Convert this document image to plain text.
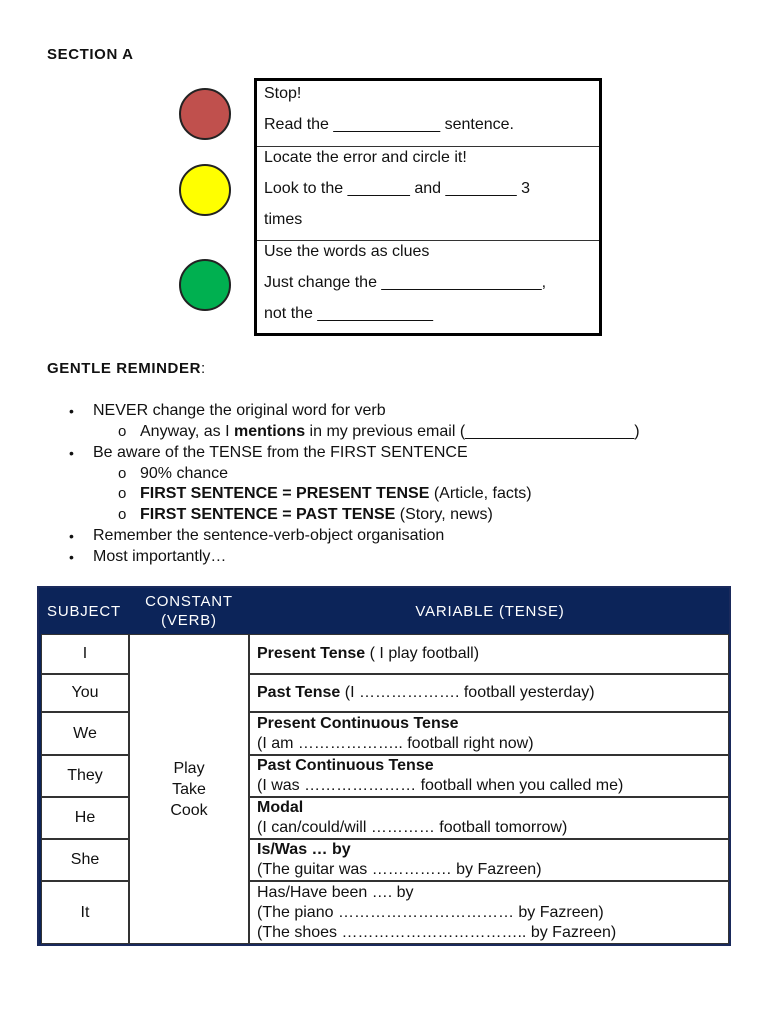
SECTION A
Stop!
Read the ____________ sentence.
Locate the error and circle it!
Look to the _______ and ________ 3
times
Use the words as clues
Just change the __________________,
not the _____________
GENTLE REMINDER:
• NEVER change the original word for verb
o Anyway, as I mentions in my previous email (___________________)
• Be aware of the TENSE from the FIRST SENTENCE
o 90% chance
o FIRST SENTENCE = PRESENT TENSE (Article, facts)
o FIRST SENTENCE = PAST TENSE (Story, news)
• Remember the sentence-verb-object organisation
• Most importantly…
SUBJECT
CONSTANT
(VERB)
VARIABLE (TENSE)
I
You
We
They
He
She
It
Play
Take
Cook
Present Tense ( I play football)
Past Tense (I ………………. football yesterday)
Present Continuous Tense
(I am ……………….. football right now)
Past Continuous Tense
(I was ………………… football when you called me)
Modal
(I can/could/will ………… football tomorrow)
Is/Was … by
(The guitar was …………… by Fazreen)
Has/Have been …. by
(The piano …………………………… by Fazreen)
(The shoes …………………………….. by Fazreen)
